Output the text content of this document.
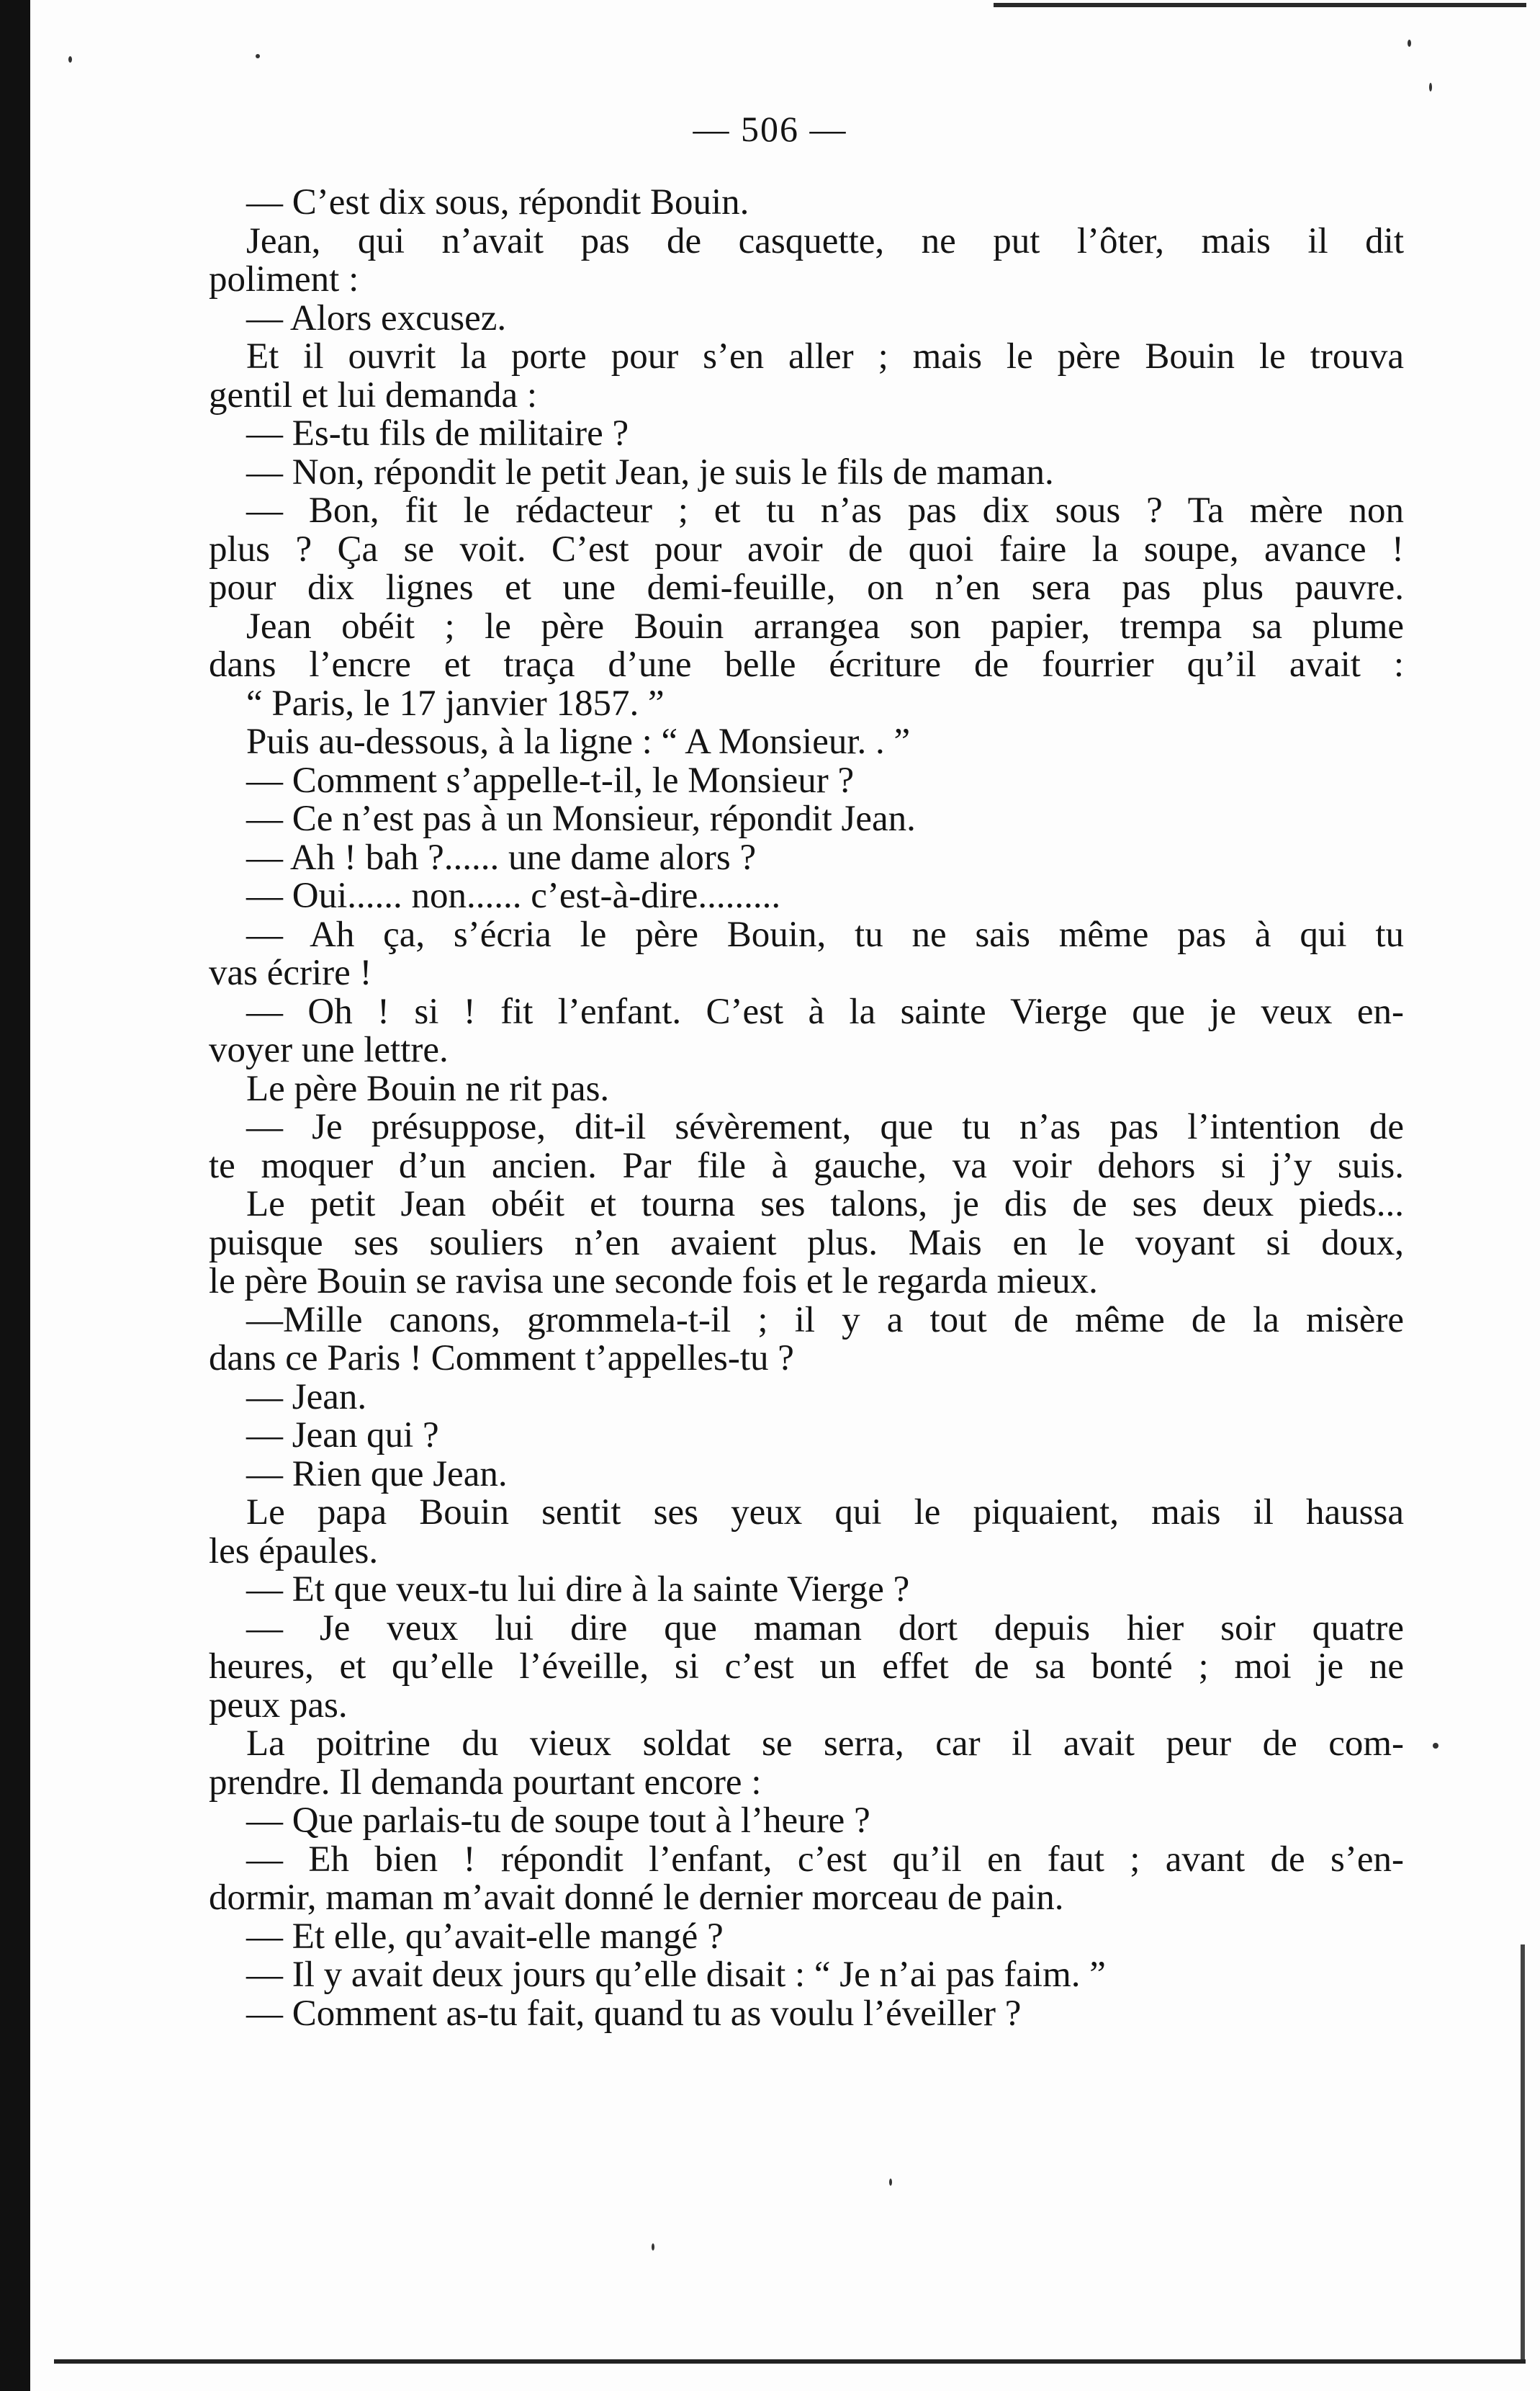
— 506 —
— C’est dix sous, répondit Bouin.
Jean, qui n’avait pas de casquette, ne put l’ôter, mais il dit
poliment :
— Alors excusez.
Et il ouvrit la porte pour s’en aller ; mais le père Bouin le trouva
gentil et lui demanda :
— Es-tu fils de militaire ?
— Non, répondit le petit Jean, je suis le fils de maman.
— Bon, fit le rédacteur ; et tu n’as pas dix sous ? Ta mère non
plus ? Ça se voit. C’est pour avoir de quoi faire la soupe, avance !
pour dix lignes et une demi-feuille, on n’en sera pas plus pauvre.
Jean obéit ; le père Bouin arrangea son papier, trempa sa plume
dans l’encre et traça d’une belle écriture de fourrier qu’il avait :
“ Paris, le 17 janvier 1857. ”
Puis au-dessous, à la ligne : “ A Monsieur. . ”
— Comment s’appelle-t-il, le Monsieur ?
— Ce n’est pas à un Monsieur, répondit Jean.
— Ah ! bah ?...... une dame alors ?
— Oui...... non...... c’est-à-dire.........
— Ah ça, s’écria le père Bouin, tu ne sais même pas à qui tu
vas écrire !
— Oh ! si ! fit l’enfant. C’est à la sainte Vierge que je veux en-
voyer une lettre.
Le père Bouin ne rit pas.
— Je présuppose, dit-il sévèrement, que tu n’as pas l’intention de
te moquer d’un ancien. Par file à gauche, va voir dehors si j’y suis.
Le petit Jean obéit et tourna ses talons, je dis de ses deux pieds...
puisque ses souliers n’en avaient plus. Mais en le voyant si doux,
le père Bouin se ravisa une seconde fois et le regarda mieux.
—Mille canons, grommela-t-il ; il y a tout de même de la misère
dans ce Paris ! Comment t’appelles-tu ?
— Jean.
— Jean qui ?
— Rien que Jean.
Le papa Bouin sentit ses yeux qui le piquaient, mais il haussa
les épaules.
— Et que veux-tu lui dire à la sainte Vierge ?
— Je veux lui dire que maman dort depuis hier soir quatre
heures, et qu’elle l’éveille, si c’est un effet de sa bonté ; moi je ne
peux pas.
La poitrine du vieux soldat se serra, car il avait peur de com-
prendre. Il demanda pourtant encore :
— Que parlais-tu de soupe tout à l’heure ?
— Eh bien ! répondit l’enfant, c’est qu’il en faut ; avant de s’en-
dormir, maman m’avait donné le dernier morceau de pain.
— Et elle, qu’avait-elle mangé ?
— Il y avait deux jours qu’elle disait : “ Je n’ai pas faim. ”
— Comment as-tu fait, quand tu as voulu l’éveiller ?
